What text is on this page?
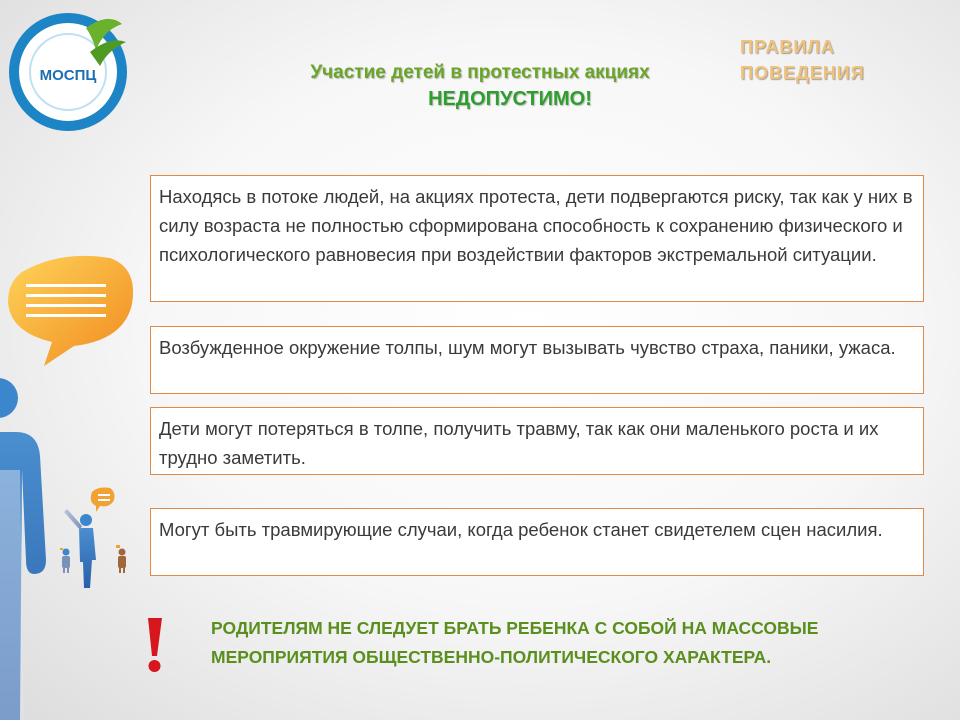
МОСПЦ	Участие детей в протестных акциях
НЕДОПУСТИМО!
ПРАВИЛА
ПОВЕДЕНИЯ
Находясь в потоке людей, на акциях протеста, дети подвергаются риску, так как у них в силу возраста не полностью сформирована способность к сохранению физического и психологического равновесия при воздействии факторов экстремальной ситуации.
Возбужденное окружение толпы, шум могут вызывать чувство страха, паники, ужаса.
Дети могут потеряться в толпе, получить травму, так как они маленького роста и их трудно заметить.
Могут быть травмирующие случаи, когда ребенок станет свидетелем сцен насилия.
РОДИТЕЛЯМ НЕ СЛЕДУЕТ БРАТЬ РЕБЕНКА С СОБОЙ НА МАССОВЫЕ МЕРОПРИЯТИЯ ОБЩЕСТВЕННО-ПОЛИТИЧЕСКОГО ХАРАКТЕРА.
